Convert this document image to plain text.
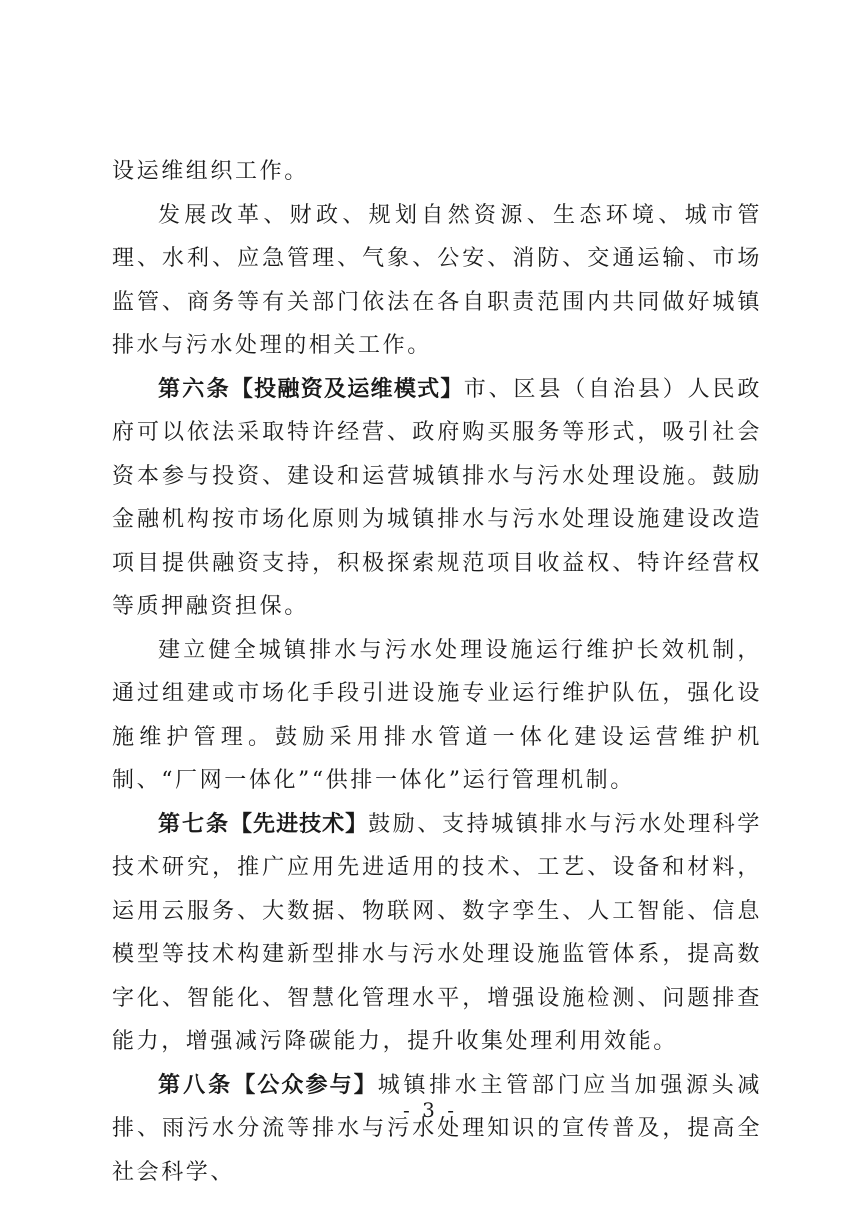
设运维组织工作。

发展改革、财政、规划自然资源、生态环境、城市管理、水利、应急管理、气象、公安、消防、交通运输、市场监管、商务等有关部门依法在各自职责范围内共同做好城镇排水与污水处理的相关工作。

第六条【投融资及运维模式】市、区县（自治县）人民政府可以依法采取特许经营、政府购买服务等形式，吸引社会资本参与投资、建设和运营城镇排水与污水处理设施。鼓励金融机构按市场化原则为城镇排水与污水处理设施建设改造项目提供融资支持，积极探索规范项目收益权、特许经营权等质押融资担保。

建立健全城镇排水与污水处理设施运行维护长效机制，通过组建或市场化手段引进设施专业运行维护队伍，强化设施维护管理。鼓励采用排水管道一体化建设运营维护机制、“厂网一体化”“供排一体化”运行管理机制。

第七条【先进技术】鼓励、支持城镇排水与污水处理科学技术研究，推广应用先进适用的技术、工艺、设备和材料，运用云服务、大数据、物联网、数字孪生、人工智能、信息模型等技术构建新型排水与污水处理设施监管体系，提高数字化、智能化、智慧化管理水平，增强设施检测、问题排查能力，增强减污降碳能力，提升收集处理利用效能。

第八条【公众参与】城镇排水主管部门应当加强源头减排、雨污水分流等排水与污水处理知识的宣传普及，提高全社会科学、

- 3 -
